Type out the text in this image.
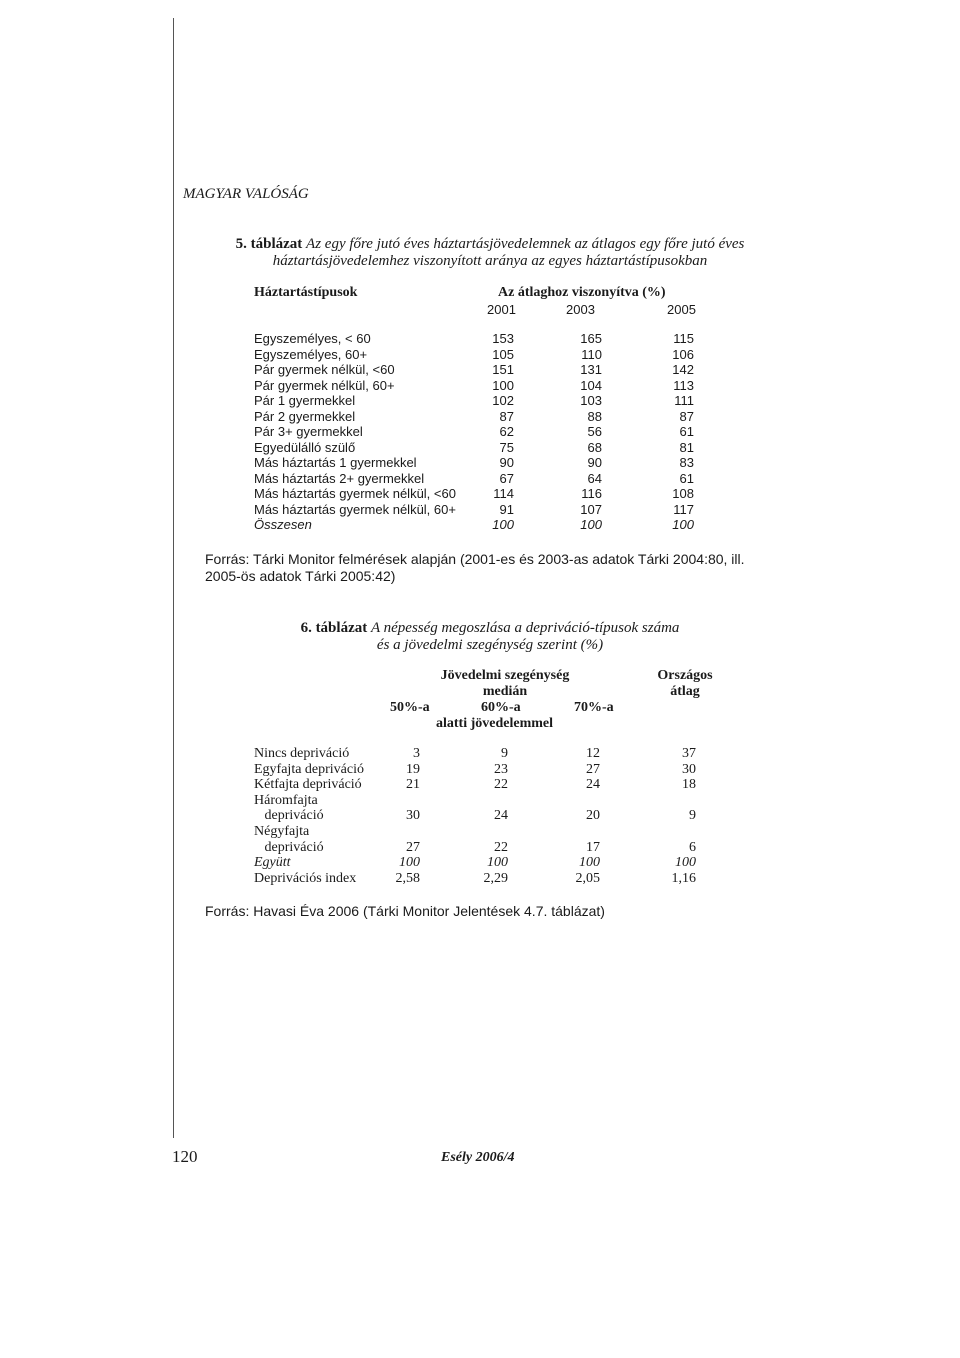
MAGYAR VALÓSÁG
5. táblázat Az egy főre jutó éves háztartásjövedelemnek az átlagos egy főre jutó éves háztartásjövedelemhez viszonyított aránya az egyes háztartástípusokban
Háztartástípusok	Az átlaghoz viszonyítva (%)
2001	2003	2005
Egyszemélyes, < 60	153	165	115
Egyszemélyes, 60+	105	110	106
Pár gyermek nélkül, <60	151	131	142
Pár gyermek nélkül, 60+	100	104	113
Pár 1 gyermekkel	102	103	111
Pár 2 gyermekkel	87	88	87
Pár 3+ gyermekkel	62	56	61
Egyedülálló szülő	75	68	81
Más háztartás 1 gyermekkel	90	90	83
Más háztartás 2+ gyermekkel	67	64	61
Más háztartás gyermek nélkül, <60	114	116	108
Más háztartás gyermek nélkül, 60+	91	107	117
Összesen	100	100	100
Forrás: Tárki Monitor felmérések alapján (2001-es és 2003-as adatok Tárki 2004:80, ill. 2005-ös adatok Tárki 2005:42)
6. táblázat A népesség megoszlása a depriváció-típusok száma
és a jövedelmi szegénység szerint (%)
Jövedelmi szegénység
medián
Országos
átlag
50%-a	60%-a	70%-a
alatti jövedelemmel
Nincs depriváció	3	9	12	37
Egyfajta depriváció	19	23	27	30
Kétfajta depriváció	21	22	24	18
Háromfajta				
depriváció	30	24	20	9
Négyfajta				
depriváció	27	22	17	6
Együtt	100	100	100	100
Deprivációs index	2,58	2,29	2,05	1,16
Forrás: Havasi Éva 2006 (Tárki Monitor Jelentések 4.7. táblázat)
120	Esély 2006/4
